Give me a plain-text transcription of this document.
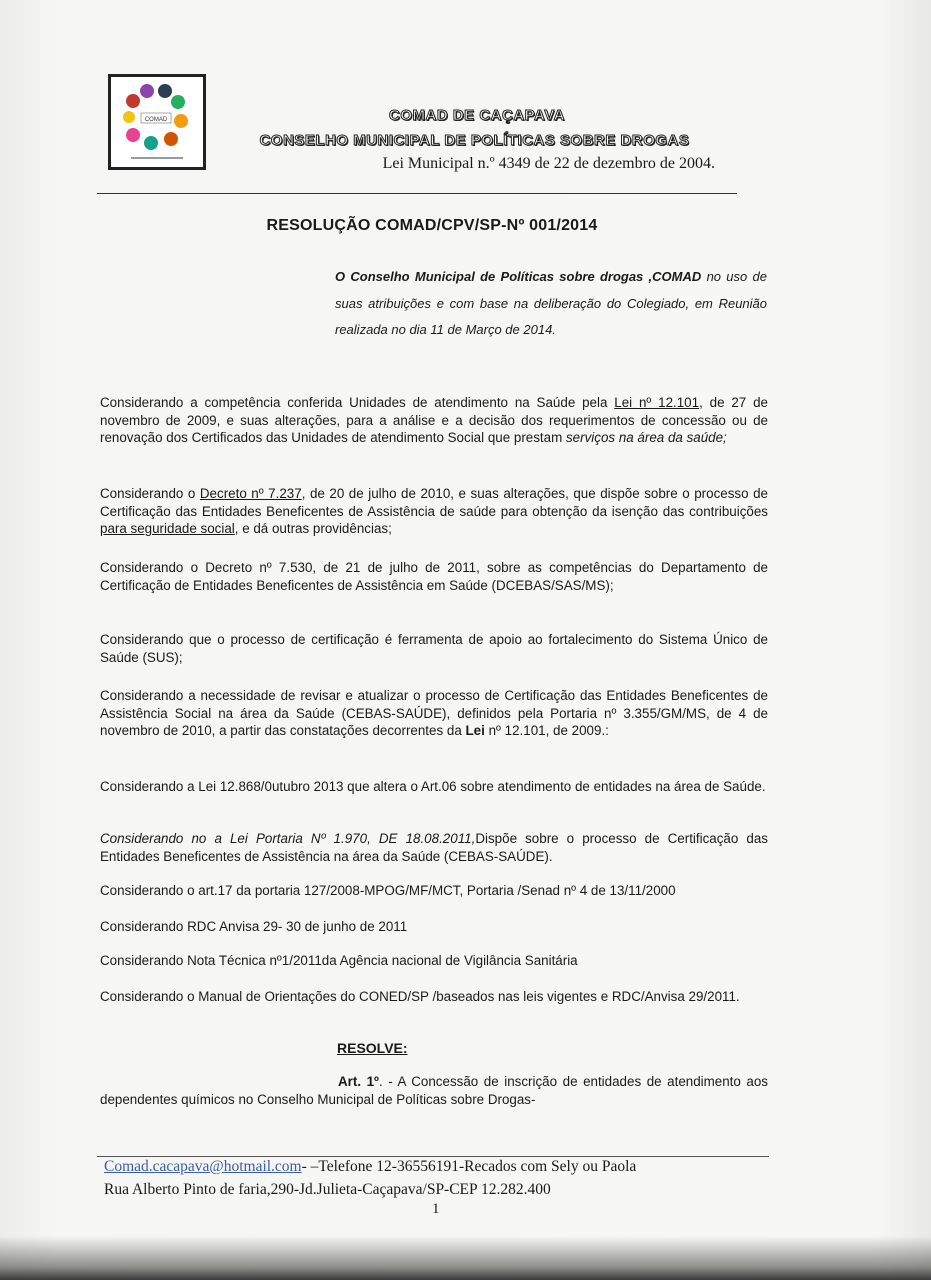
COMAD	COMAD DE CAÇAPAVA
CONSELHO MUNICIPAL DE POLÍTICAS SOBRE DROGAS
Lei Municipal n.º 4349 de 22 de dezembro de 2004.
RESOLUÇÃO COMAD/CPV/SP-Nº 001/2014
O Conselho Municipal de Políticas sobre drogas ,COMAD no uso de suas atribuições e com base na deliberação do Colegiado, em Reunião realizada no dia 11 de Março de 2014.
Considerando a competência conferida Unidades de atendimento na Saúde pela Lei nº 12.101, de 27 de novembro de 2009, e suas alterações, para a análise e a decisão dos requerimentos de concessão ou de renovação dos Certificados das Unidades de atendimento Social que prestam serviços na área da saúde;
Considerando o Decreto nº 7.237, de 20 de julho de 2010, e suas alterações, que dispõe sobre o processo de Certificação das Entidades Beneficentes de Assistência de saúde para obtenção da isenção das contribuições para seguridade social, e dá outras providências;
Considerando o Decreto nº 7.530, de 21 de julho de 2011, sobre as competências do Departamento de Certificação de Entidades Beneficentes de Assistência em Saúde (DCEBAS/SAS/MS);
Considerando que o processo de certificação é ferramenta de apoio ao fortalecimento do Sistema Único de Saúde (SUS);
Considerando a necessidade de revisar e atualizar o processo de Certificação das Entidades Beneficentes de Assistência Social na área da Saúde (CEBAS-SAÚDE), definidos pela Portaria nº 3.355/GM/MS, de 4 de novembro de 2010, a partir das constatações decorrentes da Lei nº 12.101, de 2009.:
Considerando a Lei 12.868/0utubro 2013 que altera o Art.06 sobre atendimento de entidades na área de Saúde.
Considerando no a Lei Portaria Nº 1.970, DE 18.08.2011,Dispõe sobre o processo de Certificação das Entidades Beneficentes de Assistência na área da Saúde (CEBAS-SAÚDE).
Considerando o art.17 da portaria 127/2008-MPOG/MF/MCT, Portaria /Senad nº 4 de 13/11/2000
Considerando RDC Anvisa 29- 30 de junho de 2011
Considerando Nota Técnica nº1/2011da Agência nacional de Vigilância Sanitária
Considerando o Manual de Orientações do CONED/SP /baseados nas leis vigentes e RDC/Anvisa 29/2011.
RESOLVE:
Art. 1º. - A Concessão de inscrição de entidades de atendimento aos dependentes químicos no Conselho Municipal de Políticas sobre Drogas-
Comad.cacapava@hotmail.com- –Telefone 12-36556191-Recados com Sely ou Paola
Rua Alberto Pinto de faria,290-Jd.Julieta-Caçapava/SP-CEP 12.282.400
1
